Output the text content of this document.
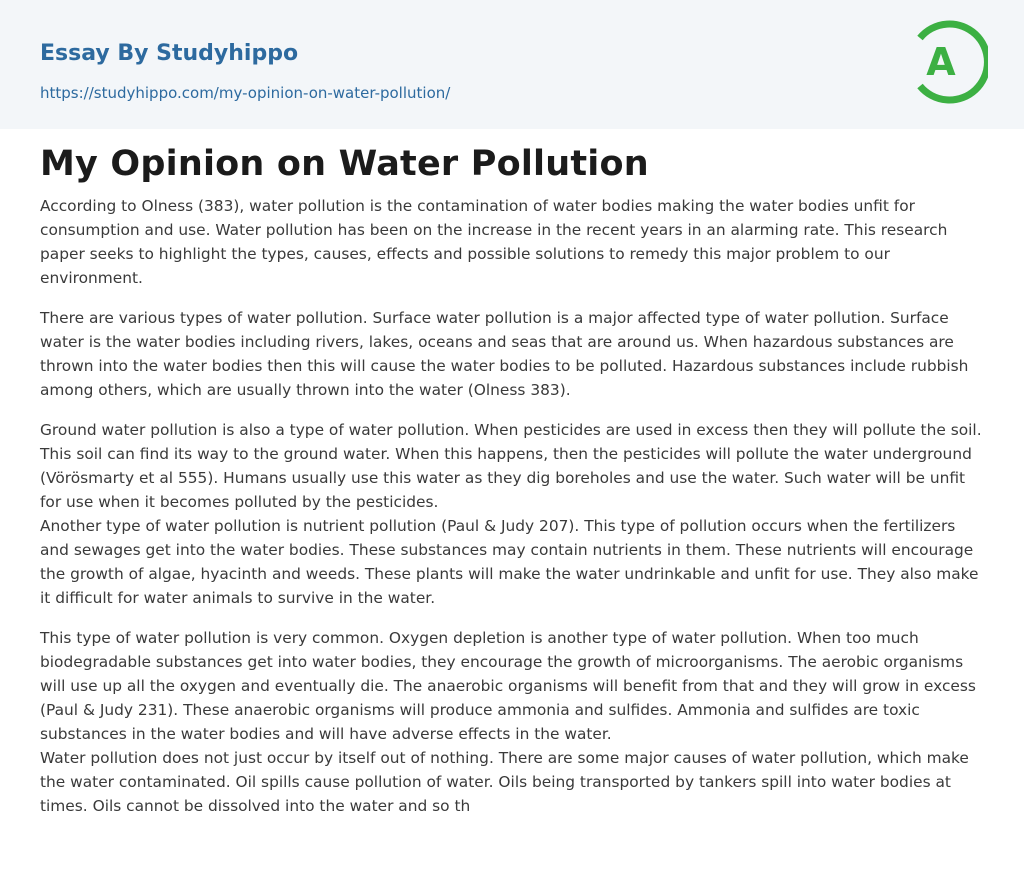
Essay By Studyhippo
https://studyhippo.com/my-opinion-on-water-pollution/
A
My Opinion on Water Pollution

According to Olness (383), water pollution is the contamination of water bodies making the water bodies unfit for consumption and use. Water pollution has been on the increase in the recent years in an alarming rate. This research paper seeks to highlight the types, causes, effects and possible solutions to remedy this major problem to our environment.

There are various types of water pollution. Surface water pollution is a major affected type of water pollution. Surface water is the water bodies including rivers, lakes, oceans and seas that are around us. When hazardous substances are thrown into the water bodies then this will cause the water bodies to be polluted. Hazardous substances include rubbish among others, which are usually thrown into the water (Olness 383).

Ground water pollution is also a type of water pollution. When pesticides are used in excess then they will pollute the soil. This soil can find its way to the ground water. When this happens, then the pesticides will pollute the water underground (Vörösmarty et al 555). Humans usually use this water as they dig boreholes and use the water. Such water will be unfit for use when it becomes polluted by the pesticides.

Another type of water pollution is nutrient pollution (Paul & Judy 207). This type of pollution occurs when the fertilizers and sewages get into the water bodies. These substances may contain nutrients in them. These nutrients will encourage the growth of algae, hyacinth and weeds. These plants will make the water undrinkable and unfit for use. They also make it difficult for water animals to survive in the water.

This type of water pollution is very common. Oxygen depletion is another type of water pollution. When too much biodegradable substances get into water bodies, they encourage the growth of microorganisms. The aerobic organisms will use up all the oxygen and eventually die. The anaerobic organisms will benefit from that and they will grow in excess (Paul & Judy 231). These anaerobic organisms will produce ammonia and sulfides. Ammonia and sulfides are toxic substances in the water bodies and will have adverse effects in the water.

Water pollution does not just occur by itself out of nothing. There are some major causes of water pollution, which make the water contaminated. Oil spills cause pollution of water. Oils being transported by tankers spill into water bodies at times. Oils cannot be dissolved into the water and so th
